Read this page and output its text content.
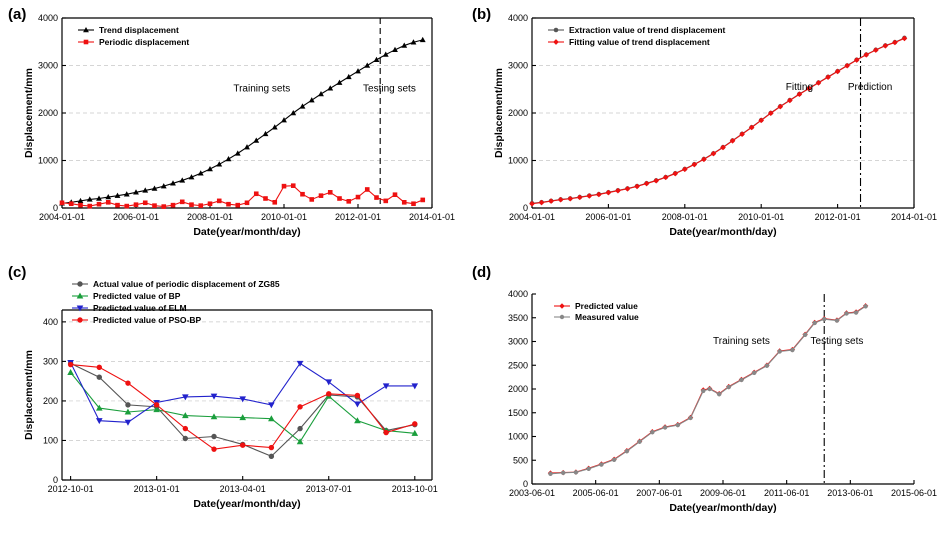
(a)
0
1000
2000
3000
4000
2004-01-01	2006-01-01	2008-01-01	2010-01-01	2012-01-01	2014-01-01
Date(year/month/day)
Displacement/mm	Training sets	Testing sets
Trend displacement
Periodic displacement
(b)
0
1000
2000
3000
4000
2004-01-01	2006-01-01	2008-01-01	2010-01-01	2012-01-01	2014-01-01
Date(year/month/day)
Displacement/mm	Fitting	Prediction
Extraction value of trend displacement
Fitting value of trend displacement
(c)
0
100
200
300
400
2012-10-01	2013-01-01	2013-04-01	2013-07-01	2013-10-01
Date(year/month/day)
Displacement/mm
Actual value of periodic displacement of ZG85
Predicted value of BP
Predicted value of ELM
Predicted value of PSO-BP
(d)
0
500
1000
1500
2000
2500
3000
3500
4000
2003-06-01 2005-06-01 2007-06-01 2009-06-01 2011-06-01 2013-06-01 2015-06-01
Date(year/month/day)
Training sets	Testing sets
Predicted value
Measured value
